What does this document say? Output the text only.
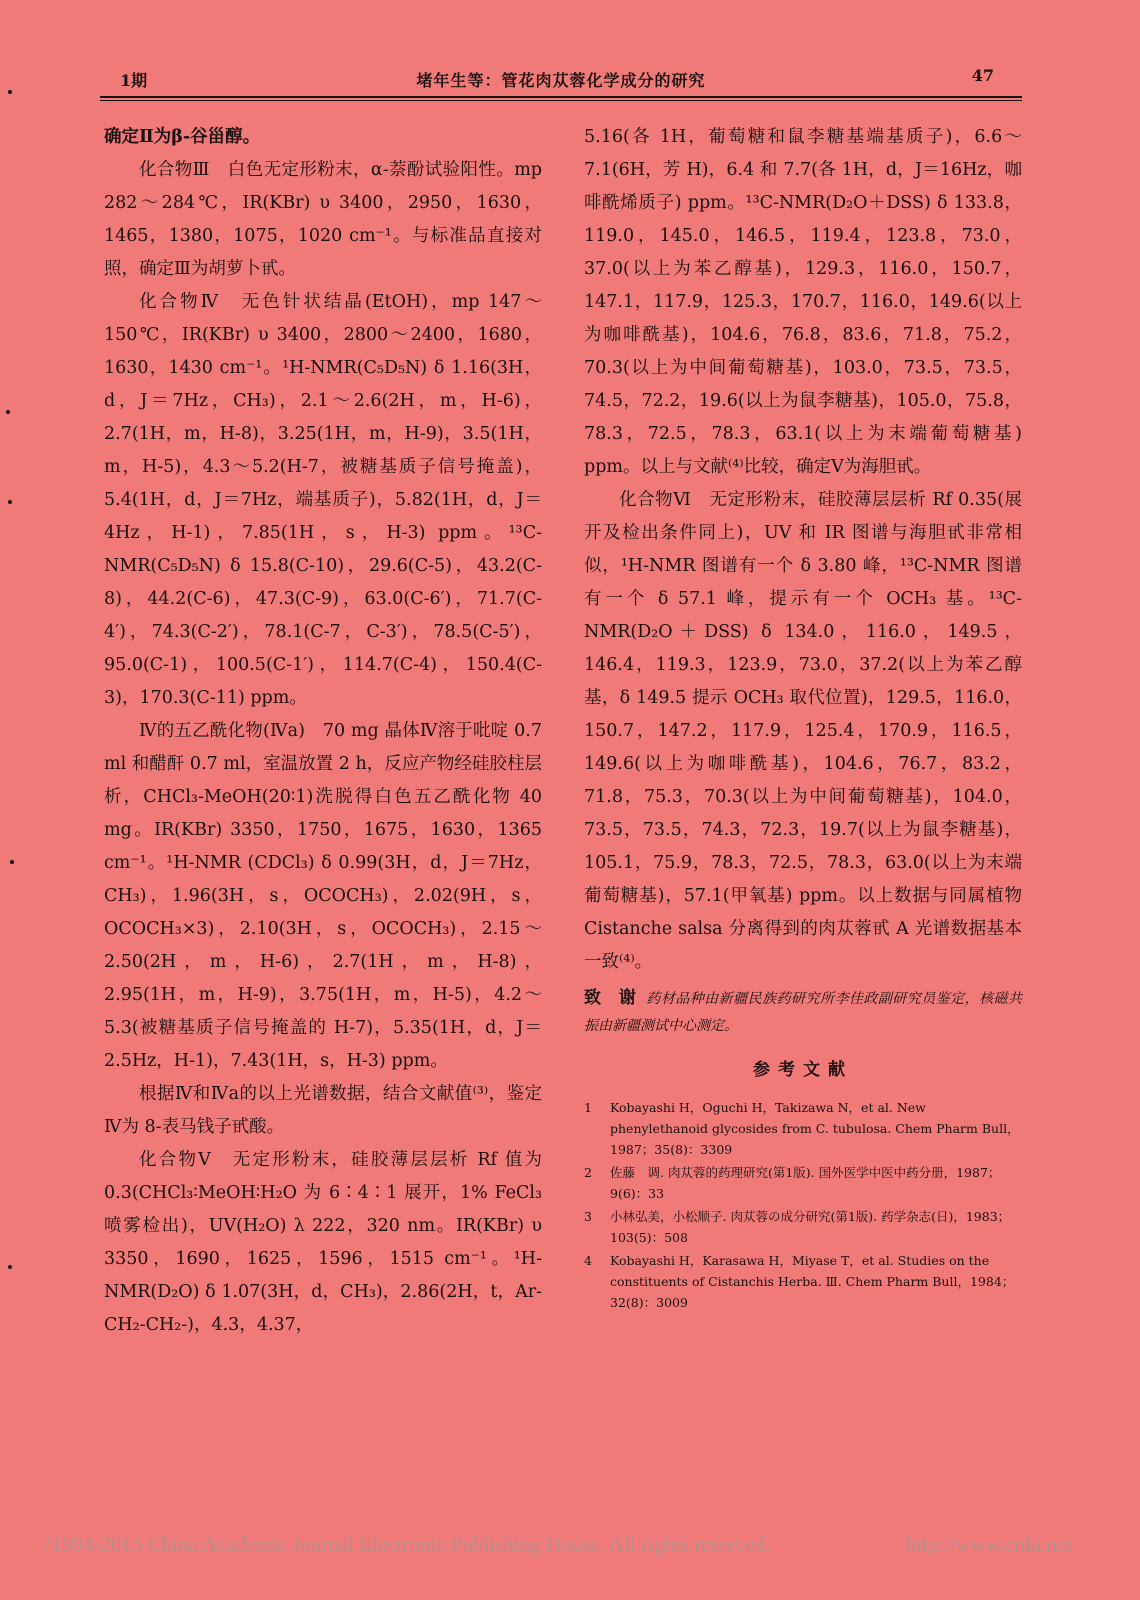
1期	堵年生等：管花肉苁蓉化学成分的研究	47

确定Ⅱ为β-谷甾醇。

化合物Ⅲ　白色无定形粉末，α-萘酚试验阳性。mp 282～284℃，IR(KBr) υ 3400，2950，1630，1465，1380，1075，1020 cm⁻¹。与标准品直接对照，确定Ⅲ为胡萝卜甙。

化合物Ⅳ　无色针状结晶(EtOH)，mp 147～150℃，IR(KBr) υ 3400，2800～2400，1680，1630，1430 cm⁻¹。¹H-NMR(C₅D₅N) δ 1.16(3H，d，J＝7Hz，CH₃)，2.1～2.6(2H，m，H-6)，2.7(1H，m，H-8)，3.25(1H，m，H-9)，3.5(1H，m，H-5)，4.3～5.2(H-7，被糖基质子信号掩盖)，5.4(1H，d，J＝7Hz，端基质子)，5.82(1H，d，J＝4Hz，H-1)，7.85(1H，s，H-3) ppm。¹³C-NMR(C₅D₅N) δ 15.8(C-10)，29.6(C-5)，43.2(C-8)，44.2(C-6)，47.3(C-9)，63.0(C-6′)，71.7(C-4′)，74.3(C-2′)，78.1(C-7，C-3′)，78.5(C-5′)，95.0(C-1)，100.5(C-1′)，114.7(C-4)，150.4(C-3)，170.3(C-11) ppm。

Ⅳ的五乙酰化物(Ⅳa)　70 mg 晶体Ⅳ溶于吡啶 0.7 ml 和醋酐 0.7 ml，室温放置 2 h，反应产物经硅胶柱层析，CHCl₃-MeOH(20∶1)洗脱得白色五乙酰化物 40 mg。IR(KBr) 3350，1750，1675，1630，1365 cm⁻¹。¹H-NMR (CDCl₃) δ 0.99(3H，d，J＝7Hz，CH₃)，1.96(3H，s，OCOCH₃)，2.02(9H，s，OCOCH₃×3)，2.10(3H，s，OCOCH₃)，2.15～2.50(2H，m，H-6)，2.7(1H，m，H-8)，2.95(1H，m，H-9)，3.75(1H，m，H-5)，4.2～5.3(被糖基质子信号掩盖的 H-7)，5.35(1H，d，J＝2.5Hz，H-1)，7.43(1H，s，H-3) ppm。

根据Ⅳ和Ⅳa的以上光谱数据，结合文献值⁽³⁾，鉴定Ⅳ为 8-表马钱子甙酸。

化合物Ⅴ　无定形粉末，硅胶薄层层析 Rf 值为 0.3(CHCl₃∶MeOH∶H₂O 为 6∶4∶1 展开，1% FeCl₃ 喷雾检出)，UV(H₂O) λ 222，320 nm。IR(KBr) υ 3350，1690，1625，1596，1515 cm⁻¹。¹H-NMR(D₂O) δ 1.07(3H，d，CH₃)，2.86(2H，t，Ar-CH₂-CH₂-)，4.3，4.37，

5.16(各 1H，葡萄糖和鼠李糖基端基质子)，6.6～7.1(6H，芳 H)，6.4 和 7.7(各 1H，d，J＝16Hz，咖啡酰烯质子) ppm。¹³C-NMR(D₂O＋DSS) δ 133.8，119.0，145.0，146.5，119.4，123.8，73.0，37.0(以上为苯乙醇基)，129.3，116.0，150.7，147.1，117.9，125.3，170.7，116.0，149.6(以上为咖啡酰基)，104.6，76.8，83.6，71.8，75.2，70.3(以上为中间葡萄糖基)，103.0，73.5，73.5，74.5，72.2，19.6(以上为鼠李糖基)，105.0，75.8，78.3，72.5，78.3，63.1(以上为末端葡萄糖基) ppm。以上与文献⁽⁴⁾比较，确定Ⅴ为海胆甙。

化合物Ⅵ　无定形粉末，硅胶薄层层析 Rf 0.35(展开及检出条件同上)，UV 和 IR 图谱与海胆甙非常相似，¹H-NMR 图谱有一个 δ 3.80 峰，¹³C-NMR 图谱有一个 δ 57.1 峰，提示有一个 OCH₃ 基。¹³C-NMR(D₂O＋DSS) δ 134.0，116.0，149.5，146.4，119.3，123.9，73.0，37.2(以上为苯乙醇基，δ 149.5 提示 OCH₃ 取代位置)，129.5，116.0，150.7，147.2，117.9，125.4，170.9，116.5，149.6(以上为咖啡酰基)，104.6，76.7，83.2，71.8，75.3，70.3(以上为中间葡萄糖基)，104.0，73.5，73.5，74.3，72.3，19.7(以上为鼠李糖基)，105.1，75.9，78.3，72.5，78.3，63.0(以上为末端葡萄糖基)，57.1(甲氧基) ppm。以上数据与同属植物 Cistanche salsa 分离得到的肉苁蓉甙 A 光谱数据基本一致⁽⁴⁾。

致　谢 药材品种由新疆民族药研究所李佳政副研究员鉴定，核磁共振由新疆测试中心测定。

参考文献

1 Kobayashi H，Oguchi H，Takizawa N，et al. New phenylethanoid glycosides from C. tubulosa. Chem Pharm Bull，1987；35(8)：3309

2 佐藤　调. 肉苁蓉的药理研究(第1版). 国外医学中医中药分册，1987；9(6)：33

3 小林弘美，小松顺子. 肉苁蓉の成分研究(第1版). 药学杂志(日)，1983；103(5)：508

4 Kobayashi H，Karasawa H，Miyase T，et al. Studies on the constituents of Cistanchis Herba. Ⅲ. Chem Pharm Bull，1984；32(8)：3009

?1994-2015 China Academic Journal Electronic Publishing House. All rights reserved.	http://www.cnki.net
